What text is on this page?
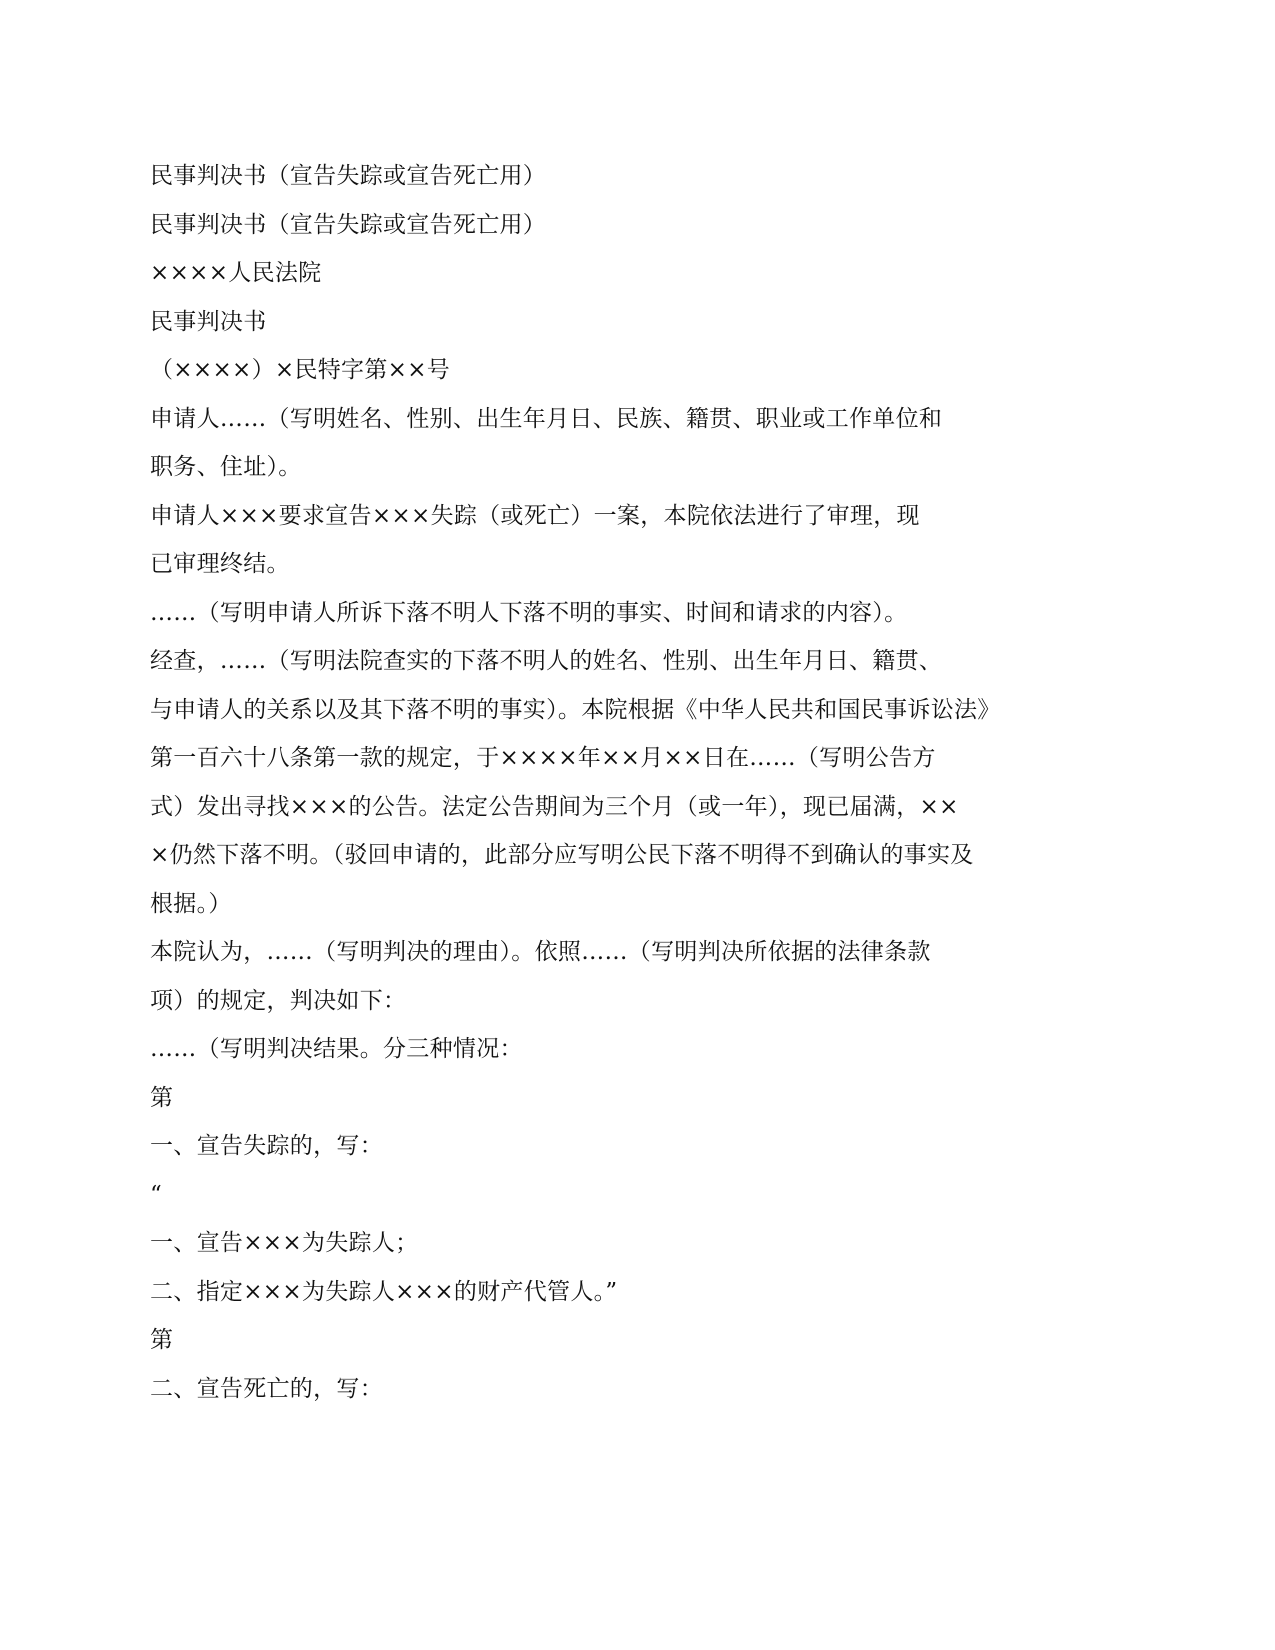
民事判决书（宣告失踪或宣告死亡用）

民事判决书（宣告失踪或宣告死亡用）

××××人民法院

民事判决书

（××××）×民特字第××号

申请人……（写明姓名、性别、出生年月日、民族、籍贯、职业或工作单位和

职务、住址）。

申请人×××要求宣告×××失踪（或死亡）一案，本院依法进行了审理，现

已审理终结。

……（写明申请人所诉下落不明人下落不明的事实、时间和请求的内容）。

经查，……（写明法院查实的下落不明人的姓名、性别、出生年月日、籍贯、

与申请人的关系以及其下落不明的事实）。本院根据《中华人民共和国民事诉讼法》

第一百六十八条第一款的规定，于××××年××月××日在……（写明公告方

式）发出寻找×××的公告。法定公告期间为三个月（或一年），现已届满，××

×仍然下落不明。（驳回申请的，此部分应写明公民下落不明得不到确认的事实及

根据。）

本院认为，……（写明判决的理由）。依照……（写明判决所依据的法律条款

项）的规定，判决如下：

……（写明判决结果。分三种情况：

第

一、宣告失踪的，写：

“

一、宣告×××为失踪人；

二、指定×××为失踪人×××的财产代管人。”

第

二、宣告死亡的，写：
